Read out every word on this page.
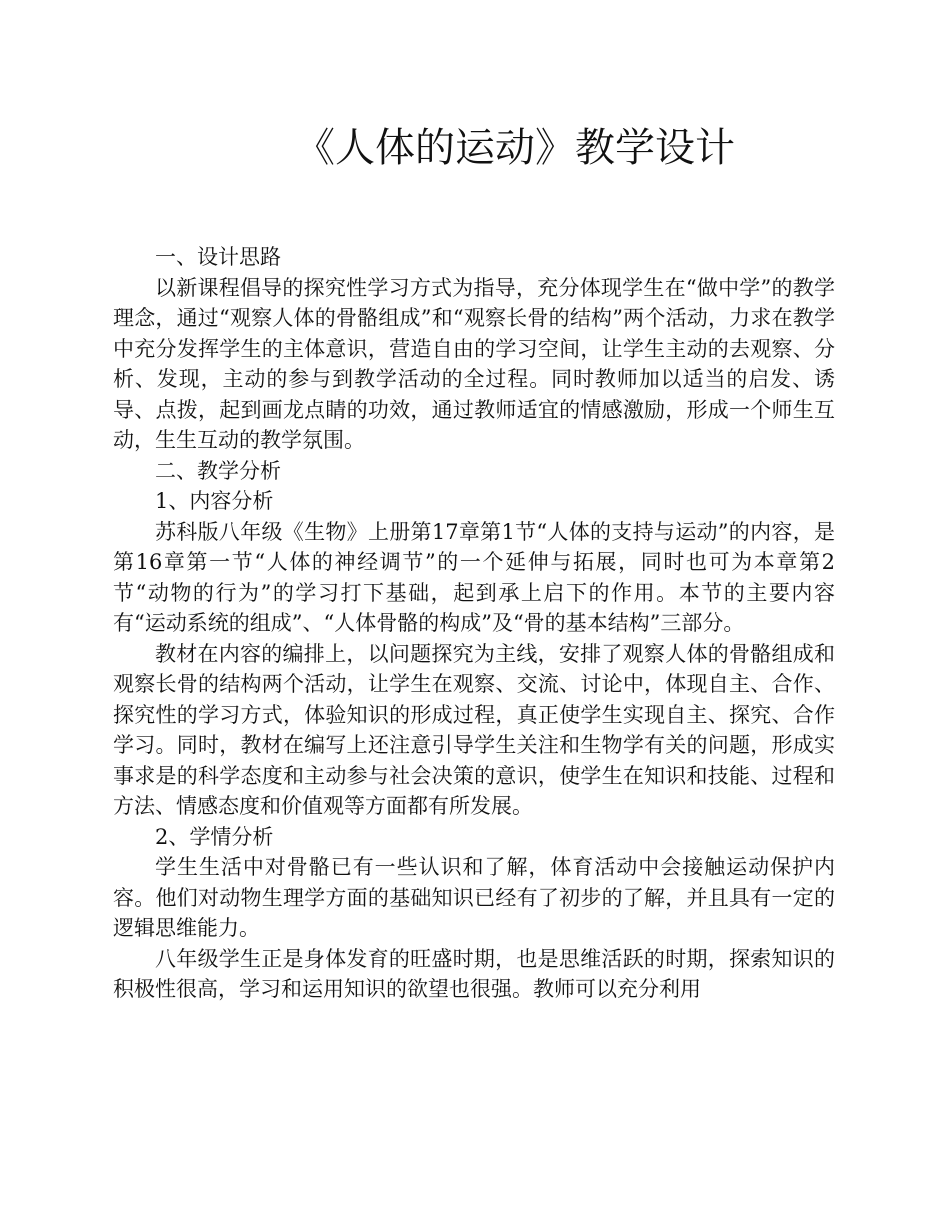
《人体的运动》教学设计

一、设计思路

以新课程倡导的探究性学习方式为指导，充分体现学生在“做中学”的教学理念，通过“观察人体的骨骼组成”和“观察长骨的结构”两个活动，力求在教学中充分发挥学生的主体意识，营造自由的学习空间，让学生主动的去观察、分析、发现，主动的参与到教学活动的全过程。同时教师加以适当的启发、诱导、点拨，起到画龙点睛的功效，通过教师适宜的情感激励，形成一个师生互动，生生互动的教学氛围。

二、教学分析

1、内容分析

苏科版八年级《生物》上册第17章第1节“人体的支持与运动”的内容，是第16章第一节“人体的神经调节”的一个延伸与拓展，同时也可为本章第2节“动物的行为”的学习打下基础，起到承上启下的作用。本节的主要内容有“运动系统的组成”、“人体骨骼的构成”及“骨的基本结构”三部分。

教材在内容的编排上，以问题探究为主线，安排了观察人体的骨骼组成和观察长骨的结构两个活动，让学生在观察、交流、讨论中，体现自主、合作、探究性的学习方式，体验知识的形成过程，真正使学生实现自主、探究、合作学习。同时，教材在编写上还注意引导学生关注和生物学有关的问题，形成实事求是的科学态度和主动参与社会决策的意识，使学生在知识和技能、过程和方法、情感态度和价值观等方面都有所发展。

2、学情分析

学生生活中对骨骼已有一些认识和了解，体育活动中会接触运动保护内容。他们对动物生理学方面的基础知识已经有了初步的了解，并且具有一定的逻辑思维能力。

八年级学生正是身体发育的旺盛时期，也是思维活跃的时期，探索知识的积极性很高，学习和运用知识的欲望也很强。教师可以充分利用
